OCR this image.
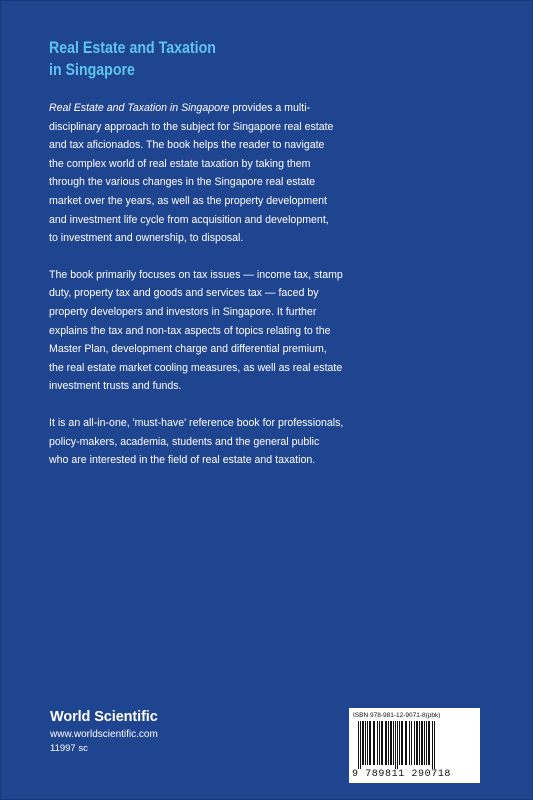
Real Estate and Taxation
in Singapore

Real Estate and Taxation in Singapore provides a multi-
disciplinary approach to the subject for Singapore real estate
and tax aficionados. The book helps the reader to navigate
the complex world of real estate taxation by taking them
through the various changes in the Singapore real estate
market over the years, as well as the property development
and investment life cycle from acquisition and development,
to investment and ownership, to disposal.

The book primarily focuses on tax issues — income tax, stamp
duty, property tax and goods and services tax — faced by
property developers and investors in Singapore. It further
explains the tax and non-tax aspects of topics relating to the
Master Plan, development charge and differential premium,
the real estate market cooling measures, as well as real estate
investment trusts and funds.

It is an all-in-one, 'must-have' reference book for professionals,
policy-makers, academia, students and the general public
who are interested in the field of real estate and taxation.

World Scientific
www.worldscientific.com
11997 sc
ISBN 978-981-12-9071-8(pbk)
9 789811 290718
